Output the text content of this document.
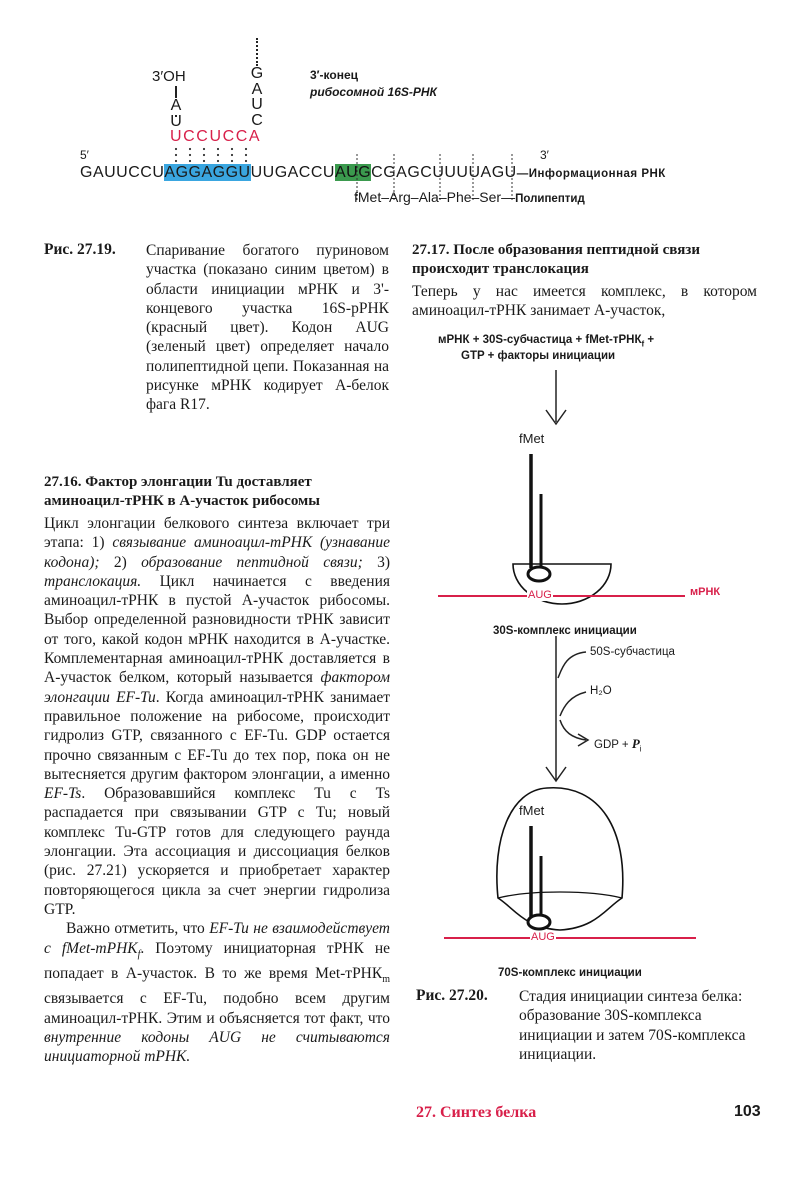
3′OH
A
U
G
A
U
C
UCCUCCA
3′-конец
рибосомной 16S-РНК
5′	3′
GAUUCCUAGGAGGUUUGACCUAUGCGAGCUUUUAGU—Информационная РНК
fMet–Arg–Ala–Phe–Ser—Полипептид
Рис. 27.19. Спаривание богатого пуриновом участка (показано синим цветом) в области инициации мРНК и 3'-концевого участка 16S-рРНК (красный цвет). Кодон AUG (зеленый цвет) определяет начало полипептидной цепи. Показанная на рисунке мРНК кодирует А-белок фага R17.
27.16. Фактор элонгации Tu доставляет аминоацил-тРНК в А-участок рибосомы
Цикл элонгации белкового синтеза включает три этапа: 1) связывание аминоацил-тРНК (узнавание кодона); 2) образование пептидной связи; 3) транслокация. Цикл начинается с введения аминоацил-тРНК в пустой А-участок рибосомы. Выбор определенной разновидности тРНК зависит от того, какой кодон мРНК находится в А-участке. Комплементарная аминоацил-тРНК доставляется в А-участок белком, который называется фактором элонгации EF-Tu. Когда аминоацил-тРНК занимает правильное положение на рибосоме, происходит гидролиз GTP, связанного с EF-Tu. GDP остается прочно связанным с EF-Tu до тех пор, пока он не вытесняется другим фактором элонгации, а именно EF-Ts. Образовавшийся комплекс Tu с Ts распадается при связывании GTP с Tu; новый комплекс Tu-GTP готов для следующего раунда элонгации. Эта ассоциация и диссоциация белков (рис. 27.21) ускоряется и приобретает характер повторяющегося цикла за счет энергии гидролиза GTP.
Важно отметить, что EF-Tu не взаимодействует с fMet-тРНК$_f$. Поэтому инициаторная тРНК не попадает в А-участок. В то же время Met-тРНК$_m$ связывается с EF-Tu, подобно всем другим аминоацил-тРНК. Этим и объясняется тот факт, что внутренние кодоны AUG не считываются инициаторной тРНК.
27.17. После образования пептидной связи происходит транслокация
Теперь у нас имеется комплекс, в котором аминоацил-тРНК занимает А-участок,
мРНК + 30S-субчастица + fMet-тРНК$_f$ +
GTP + факторы инициации
fMet
AUG	мРНК
30S-комплекс инициации
50S-субчастица
H₂O
GDP + $P_i$
fMet
AUG
70S-комплекс инициации
Рис. 27.20. Стадия инициации синтеза белка: образование 30S-комплекса инициации и затем 70S-комплекса инициации.
27. Синтез белка	103
